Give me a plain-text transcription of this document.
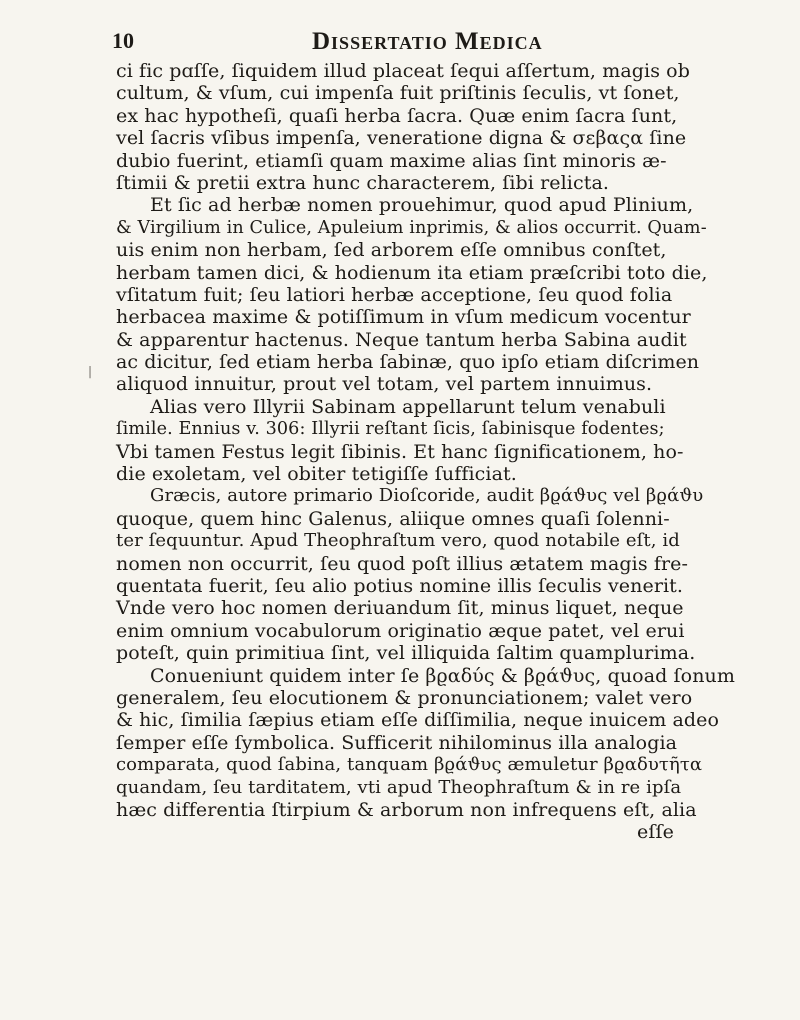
10	Dissertatio Medica
|
ci fic pɑſſe, ſiquidem illud placeat ſequi aſſertum, magis ob
cultum, & vſum, cui impenſa fuit priſtinis ſeculis, vt ſonet,
ex hac hypotheſi, quaſi herba ſacra. Quæ enim ſacra ſunt,
vel ſacris vſibus impenſa, veneratione digna & σεβαςα ſine
dubio fuerint, etiamſi quam maxime alias ſint minoris æ-
ſtimii & pretii extra hunc characterem, ſibi relicta.
Et ſic ad herbæ nomen prouehimur, quod apud Plinium,
& Virgilium in Culice, Apuleium inprimis, & alios occurrit. Quam-
uis enim non herbam, ſed arborem eſſe omnibus conſtet,
herbam tamen dici, & hodienum ita etiam præſcribi toto die,
vſitatum fuit; ſeu latiori herbæ acceptione, ſeu quod folia
herbacea maxime & potiſſimum in vſum medicum vocentur
& apparentur hactenus. Neque tantum herba Sabina audit
ac dicitur, ſed etiam herba ſabinæ, quo ipſo etiam diſcrimen
aliquod innuitur, prout vel totam, vel partem innuimus.
Alias vero Illyrii Sabinam appellarunt telum venabuli
ſimile. Ennius v. 306: Illyrii reſtant ſicis, ſabinisque fodentes;
Vbi tamen Festus legit ſibinis. Et hanc ſignificationem, ho-
die exoletam, vel obiter tetigiſſe ſufficiat.
Græcis, autore primario Dioſcoride, audit βϱάϑυς vel βϱάϑυ
quoque, quem hinc Galenus, aliique omnes quaſi ſolenni-
ter ſequuntur. Apud Theophraſtum vero, quod notabile eſt, id
nomen non occurrit, ſeu quod poſt illius ætatem magis fre-
quentata fuerit, ſeu alio potius nomine illis ſeculis venerit.
Vnde vero hoc nomen deriuandum ſit, minus liquet, neque
enim omnium vocabulorum originatio æque patet, vel erui
poteſt, quin primitiua ſint, vel illiquida ſaltim quamplurima.
Conueniunt quidem inter ſe βϱαδύς & βϱάϑυς, quoad ſonum
generalem, ſeu elocutionem & pronunciationem; valet vero
& hic, ſimilia ſæpius etiam eſſe diſſimilia, neque inuicem adeo
ſemper eſſe ſymbolica. Sufficerit nihilominus illa analogia
comparata, quod ſabina, tanquam βϱάϑυς æmuletur βϱαδυτῆτα
quandam, ſeu tarditatem, vti apud Theophraſtum & in re ipſa
hæc differentia ſtirpium & arborum non infrequens eſt, alia
eſſe
